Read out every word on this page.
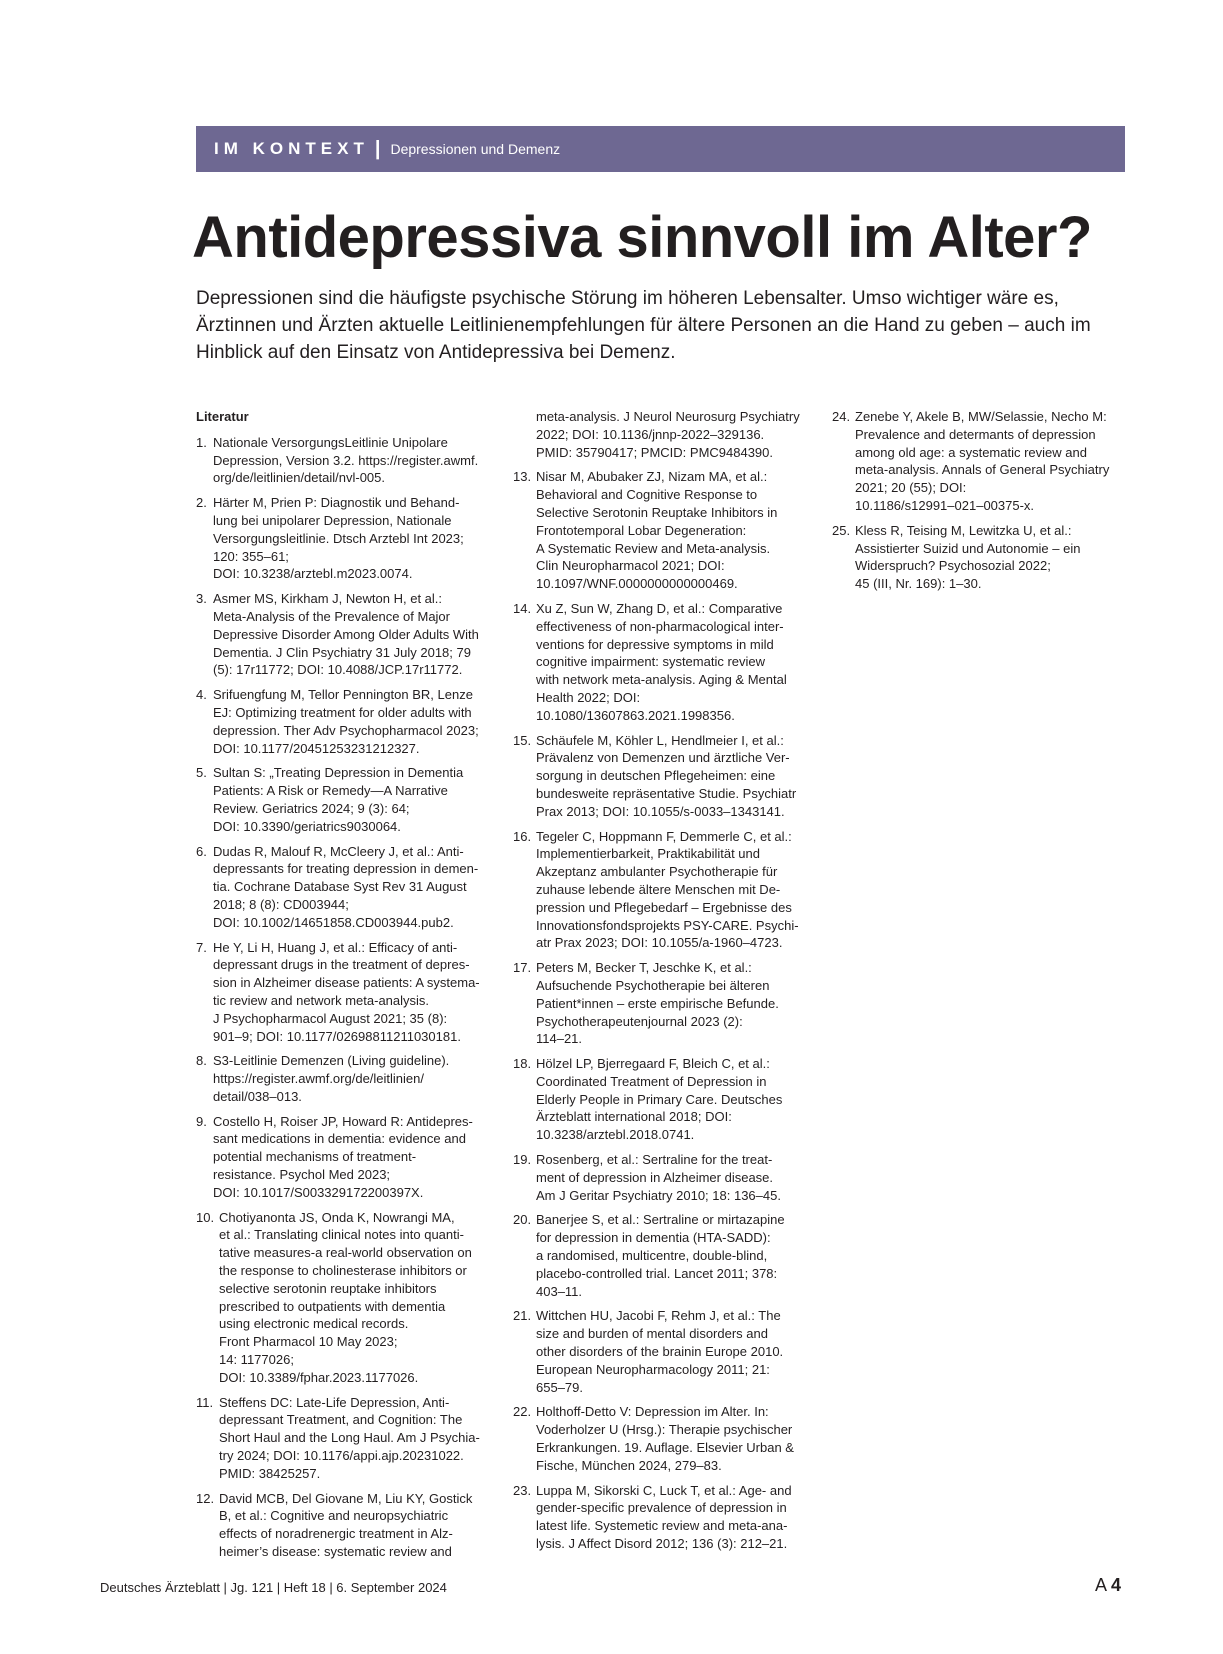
IM KONTEXT | Depressionen und Demenz
Antidepressiva sinnvoll im Alter?

Depressionen sind die häufigste psychische Störung im höheren Lebensalter. Umso wichtiger wäre es, Ärztinnen und Ärzten aktuelle Leitlinienempfehlungen für ältere Personen an die Hand zu geben – auch im Hinblick auf den Einsatz von Antidepressiva bei Demenz.

Literatur
1. Nationale VersorgungsLeitlinie Unipolare
Depression, Version 3.2. https://register.awmf.
org/de/leitlinien/detail/nvl-005.
2. Härter M, Prien P: Diagnostik und Behand-
lung bei unipolarer Depression, Nationale
Versorgungsleitlinie. Dtsch Arztebl Int 2023;
120: 355–61;
DOI: 10.3238/arztebl.m2023.0074.
3. Asmer MS, Kirkham J, Newton H, et al.:
Meta-Analysis of the Prevalence of Major
Depressive Disorder Among Older Adults With
Dementia. J Clin Psychiatry 31 July 2018; 79
(5): 17r11772; DOI: 10.4088/JCP.17r11772.
4. Srifuengfung M, Tellor Pennington BR, Lenze
EJ: Optimizing treatment for older adults with
depression. Ther Adv Psychopharmacol 2023;
DOI: 10.1177/20451253231212327.
5. Sultan S: „Treating Depression in Dementia
Patients: A Risk or Remedy—A Narrative
Review. Geriatrics 2024; 9 (3): 64;
DOI: 10.3390/geriatrics9030064.
6. Dudas R, Malouf R, McCleery J, et al.: Anti-
depressants for treating depression in demen-
tia. Cochrane Database Syst Rev 31 August
2018; 8 (8): CD003944;
DOI: 10.1002/14651858.CD003944.pub2.
7. He Y, Li H, Huang J, et al.: Efficacy of anti-
depressant drugs in the treatment of depres-
sion in Alzheimer disease patients: A systema-
tic review and network meta-analysis.
J Psychopharmacol August 2021; 35 (8):
901–9; DOI: 10.1177/02698811211030181.
8. S3-Leitlinie Demenzen (Living guideline).
https://register.awmf.org/de/leitlinien/
detail/038–013.
9. Costello H, Roiser JP, Howard R: Antidepres-
sant medications in dementia: evidence and
potential mechanisms of treatment-
resistance. Psychol Med 2023;
DOI: 10.1017/S003329172200397X.
10. Chotiyanonta JS, Onda K, Nowrangi MA,
et al.: Translating clinical notes into quanti-
tative measures-a real-world observation on
the response to cholinesterase inhibitors or
selective serotonin reuptake inhibitors
prescribed to outpatients with dementia
using electronic medical records.
Front Pharmacol 10 May 2023;
14: 1177026;
DOI: 10.3389/fphar.2023.1177026.
11. Steffens DC: Late-Life Depression, Anti-
depressant Treatment, and Cognition: The
Short Haul and the Long Haul. Am J Psychia-
try 2024; DOI: 10.1176/appi.ajp.20231022.
PMID: 38425257.
12. David MCB, Del Giovane M, Liu KY, Gostick
B, et al.: Cognitive and neuropsychiatric
effects of noradrenergic treatment in Alz-
heimer’s disease: systematic review and
meta-analysis. J Neurol Neurosurg Psychiatry
2022; DOI: 10.1136/jnnp-2022–329136.
PMID: 35790417; PMCID: PMC9484390.
13. Nisar M, Abubaker ZJ, Nizam MA, et al.:
Behavioral and Cognitive Response to
Selective Serotonin Reuptake Inhibitors in
Frontotemporal Lobar Degeneration:
A Systematic Review and Meta-analysis.
Clin Neuropharmacol 2021; DOI:
10.1097/WNF.0000000000000469.
14. Xu Z, Sun W, Zhang D, et al.: Comparative
effectiveness of non-pharmacological inter-
ventions for depressive symptoms in mild
cognitive impairment: systematic review
with network meta-analysis. Aging & Mental
Health 2022; DOI:
10.1080/13607863.2021.1998356.
15. Schäufele M, Köhler L, Hendlmeier I, et al.:
Prävalenz von Demenzen und ärztliche Ver-
sorgung in deutschen Pflegeheimen: eine
bundesweite repräsentative Studie. Psychiatr
Prax 2013; DOI: 10.1055/s-0033–1343141.
16. Tegeler C, Hoppmann F, Demmerle C, et al.:
Implementierbarkeit, Praktikabilität und
Akzeptanz ambulanter Psychotherapie für
zuhause lebende ältere Menschen mit De-
pression und Pflegebedarf – Ergebnisse des
Innovationsfondsprojekts PSY-CARE. Psychi-
atr Prax 2023; DOI: 10.1055/a-1960–4723.
17. Peters M, Becker T, Jeschke K, et al.:
Aufsuchende Psychotherapie bei älteren
Patient*innen – erste empirische Befunde.
Psychotherapeutenjournal 2023 (2):
114–21.
18. Hölzel LP, Bjerregaard F, Bleich C, et al.:
Coordinated Treatment of Depression in
Elderly People in Primary Care. Deutsches
Ärzteblatt international 2018; DOI:
10.3238/arztebl.2018.0741.
19. Rosenberg, et al.: Sertraline for the treat-
ment of depression in Alzheimer disease.
Am J Geritar Psychiatry 2010; 18: 136–45.
20. Banerjee S, et al.: Sertraline or mirtazapine
for depression in dementia (HTA-SADD):
a randomised, multicentre, double-blind,
placebo-controlled trial. Lancet 2011; 378:
403–11.
21. Wittchen HU, Jacobi F, Rehm J, et al.: The
size and burden of mental disorders and
other disorders of the brainin Europe 2010.
European Neuropharmacology 2011; 21:
655–79.
22. Holthoff-Detto V: Depression im Alter. In:
Voderholzer U (Hrsg.): Therapie psychischer
Erkrankungen. 19. Auflage. Elsevier Urban &
Fische, München 2024, 279–83.
23. Luppa M, Sikorski C, Luck T, et al.: Age- and
gender-specific prevalence of depression in
latest life. Systemetic review and meta-ana-
lysis. J Affect Disord 2012; 136 (3): 212–21.
24. Zenebe Y, Akele B, MW/Selassie, Necho M:
Prevalence and determants of depression
among old age: a systematic review and
meta-analysis. Annals of General Psychiatry
2021; 20 (55); DOI:
10.1186/s12991–021–00375-x.
25. Kless R, Teising M, Lewitzka U, et al.:
Assistierter Suizid und Autonomie – ein
Widerspruch? Psychosozial 2022;
45 (III, Nr. 169): 1–30.
Deutsches Ärzteblatt | Jg. 121 | Heft 18 | 6. September 2024	A 4
